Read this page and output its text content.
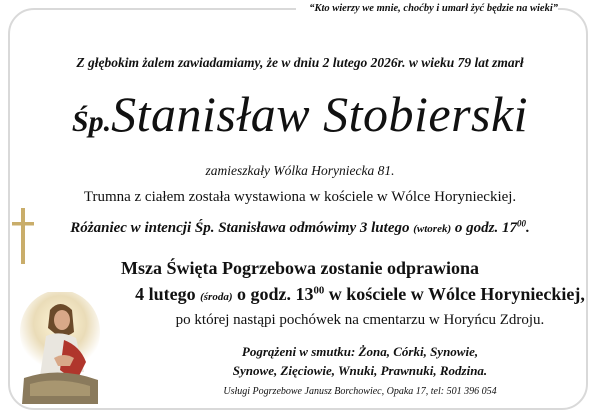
“Kto wierzy we mnie, choćby i umarł żyć będzie na wieki”
Z głębokim żalem zawiadamiamy, że w dniu 2 lutego 2026r. w wieku 79 lat zmarł
Śp.Stanisław Stobierski
zamieszkały Wólka Horyniecka 81.
Trumna z ciałem została wystawiona w kościele w Wólce Horynieckiej.
Różaniec w intencji Śp. Stanisława odmówimy 3 lutego (wtorek) o godz. $17^{00}$.
Msza Święta Pogrzebowa zostanie odprawiona
4 lutego (środa) o godz. $13^{00}$ w kościele w Wólce Horynieckiej,
po której nastąpi pochówek na cmentarzu w Horyńcu Zdroju.
Pogrążeni w smutku: Żona, Córki, Synowie,
Synowe, Zięciowie, Wnuki, Prawnuki, Rodzina.
Usługi Pogrzebowe Janusz Borchowiec, Opaka 17, tel: 501 396 054
